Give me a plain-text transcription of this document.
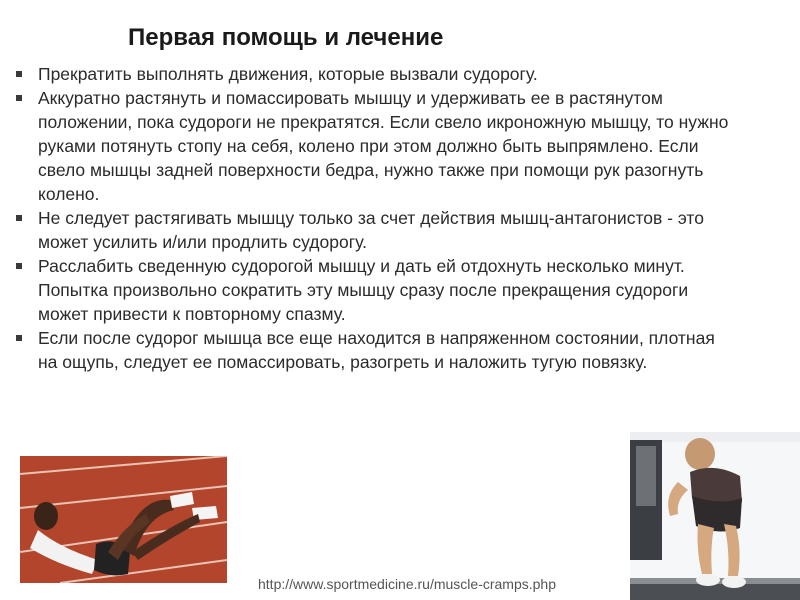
Первая помощь и лечение
Прекратить выполнять движения, которые вызвали судорогу.
Аккуратно растянуть и помассировать мышцу и удерживать ее в растянутом положении, пока судороги не прекратятся. Если свело икроножную мышцу, то нужно руками потянуть стопу на себя, колено при этом должно быть выпрямлено. Если свело мышцы задней поверхности бедра, нужно также при помощи рук разогнуть колено.
Не следует растягивать мышцу только за счет действия мышц-антагонистов - это может усилить и/или продлить судорогу.
Расслабить сведенную судорогой мышцу и дать ей отдохнуть несколько минут. Попытка произвольно сократить эту мышцу сразу после прекращения судороги может привести к повторному спазму.
Если после судорог мышца все еще находится в напряженном состоянии, плотная на ощупь, следует ее помассировать, разогреть и наложить тугую повязку.
http://www.sportmedicine.ru/muscle-cramps.php
